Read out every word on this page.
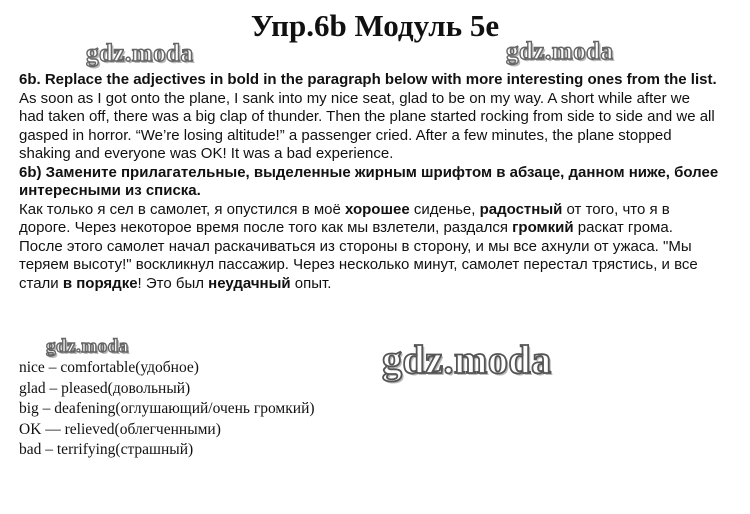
Упр.6b Модуль 5е
gdz.moda	gdz.moda
gdz.moda	gdz.moda

6b. Replace the adjectives in bold in the paragraph below with more interesting ones from the list.

As soon as I got onto the plane, I sank into my nice seat, glad to be on my way. A short while after we had taken off, there was a big clap of thunder. Then the plane started rocking from side to side and we all gasped in horror. “We’re losing altitude!” a passenger cried. After a few minutes, the plane stopped shaking and everyone was OK! It was a bad experience.

6b) Замените прилагательные, выделенные жирным шрифтом в абзаце, данном ниже, более интересными из списка.

Как только я сел в самолет, я опустился в моё хорошее сиденье, радостный от того, что я в дороге. Через некоторое время после того как мы взлетели, раздался громкий раскат грома. После этого самолет начал раскачиваться из стороны в сторону, и мы все ахнули от ужаса. "Мы теряем высоту!" воскликнул пассажир. Через несколько минут, самолет перестал трястись, и все стали в порядке! Это был неудачный опыт.

nice – comfortable(удобное)
glad – pleased(довольный)
big – deafening(оглушающий/очень громкий)
OK — relieved(облегченными)
bad – terrifying(страшный)
